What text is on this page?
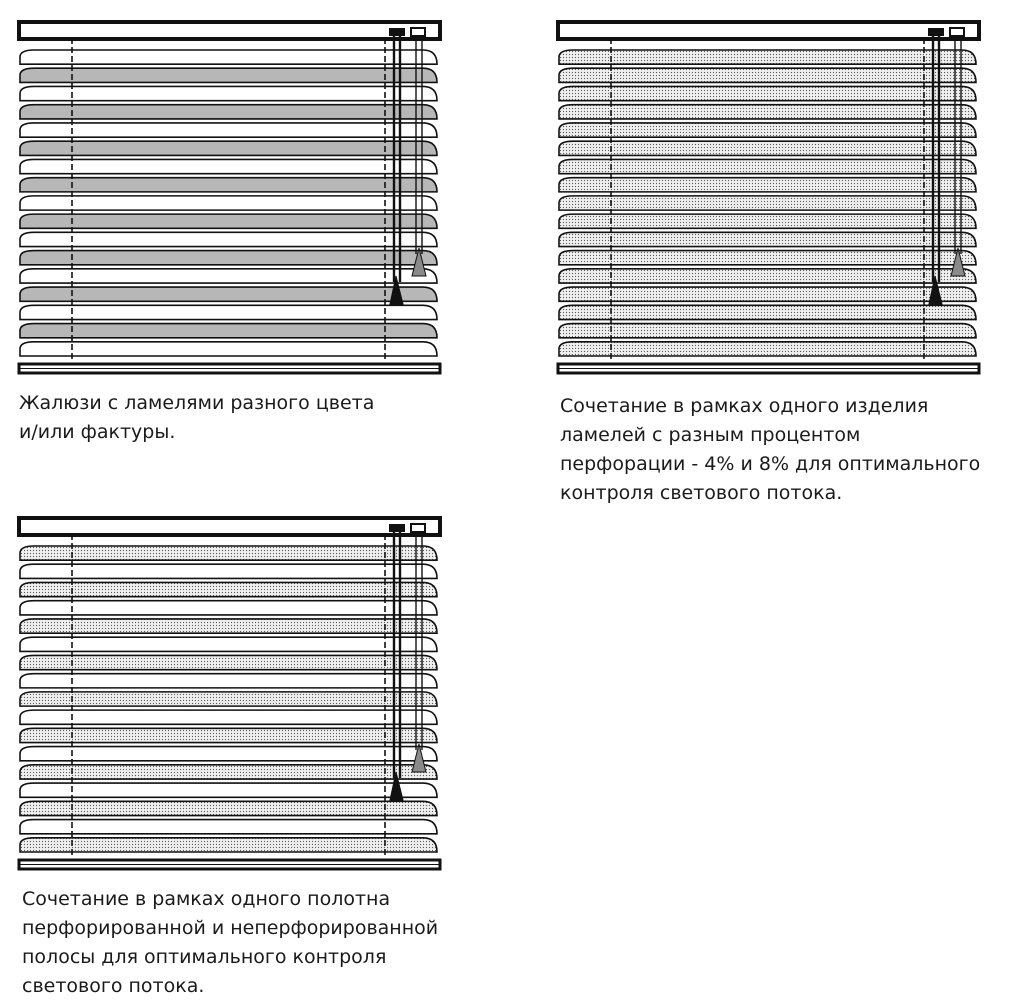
Жалюзи с ламелями разного цвета
и/или фактуры.

Сочетание в рамках одного изделия
ламелей с разным процентом
перфорации - 4% и 8% для оптимального
контроля светового потока.

Сочетание в рамках одного полотна
перфорированной и неперфорированной
полосы для оптимального контроля
светового потока.
